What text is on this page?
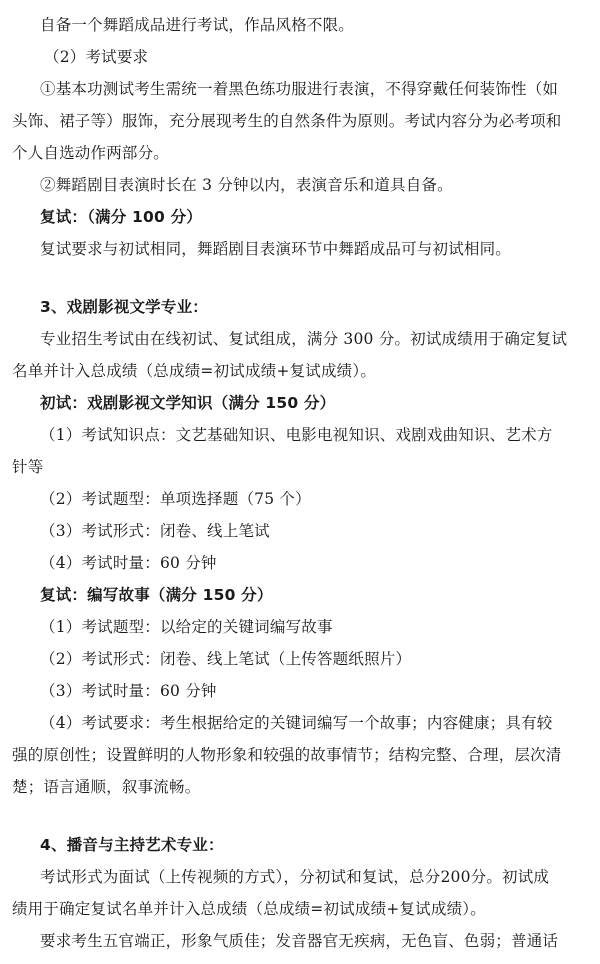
自备一个舞蹈成品进行考试，作品风格不限。
（2）考试要求
①基本功测试考生需统一着黑色练功服进行表演，不得穿戴任何装饰性（如
头饰、裙子等）服饰，充分展现考生的自然条件为原则。考试内容分为必考项和
个人自选动作两部分。
②舞蹈剧目表演时长在 3 分钟以内，表演音乐和道具自备。
复试：（满分 100 分）
复试要求与初试相同，舞蹈剧目表演环节中舞蹈成品可与初试相同。
3、戏剧影视文学专业：
专业招生考试由在线初试、复试组成，满分 300 分。初试成绩用于确定复试
名单并计入总成绩（总成绩=初试成绩+复试成绩）。
初试：戏剧影视文学知识（满分 150 分）
（1）考试知识点：文艺基础知识、电影电视知识、戏剧戏曲知识、艺术方
针等
（2）考试题型：单项选择题（75 个）
（3）考试形式：闭卷、线上笔试
（4）考试时量：60 分钟
复试：编写故事（满分 150 分）
（1）考试题型：以给定的关键词编写故事
（2）考试形式：闭卷、线上笔试（上传答题纸照片）
（3）考试时量：60 分钟
（4）考试要求：考生根据给定的关键词编写一个故事；内容健康；具有较
强的原创性；设置鲜明的人物形象和较强的故事情节；结构完整、合理，层次清
楚；语言通顺，叙事流畅。
4、播音与主持艺术专业：
考试形式为面试（上传视频的方式），分初试和复试，总分200分。初试成
绩用于确定复试名单并计入总成绩（总成绩=初试成绩+复试成绩）。
要求考生五官端正，形象气质佳；发音器官无疾病，无色盲、色弱；普通话
